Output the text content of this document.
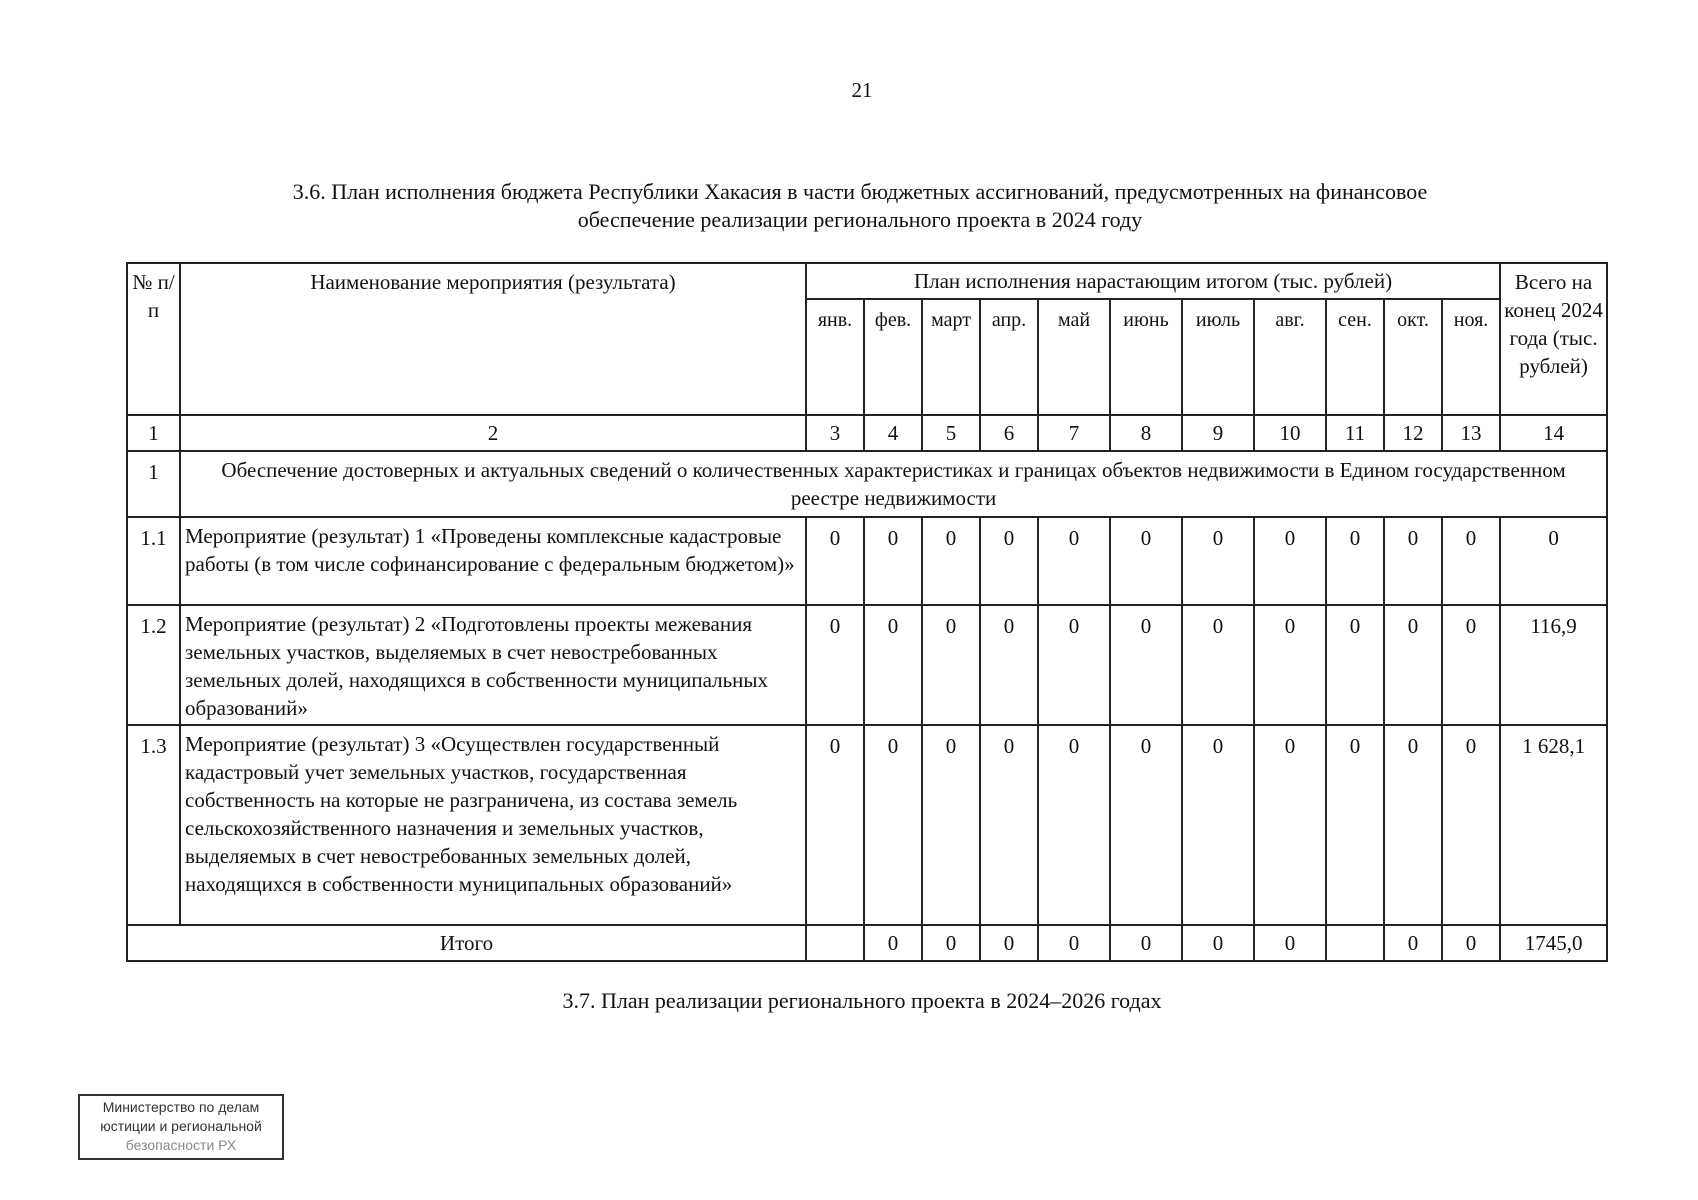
21
3.6. План исполнения бюджета Республики Хакасия в части бюджетных ассигнований, предусмотренных на финансовое
обеспечение реализации регионального проекта в 2024 году
№ п/п	Наименование мероприятия (результата)	План исполнения нарастающим итогом (тыс. рублей)											Всего на конец 2024 года (тыс. рублей)
		янв.	фев.	март	апр.	май	июнь	июль	авг.	сен.	окт.	ноя.	
1	2	3	4	5	6	7	8	9	10	11	12	13	14
1	Обеспечение достоверных и актуальных сведений о количественных характеристиках и границах объектов недвижимости в Едином государственном реестре недвижимости												
1.1	Мероприятие (результат) 1 «Проведены комплексные кадастровые работы (в том числе софинансирование с федеральным бюджетом)»	0	0	0	0	0	0	0	0	0	0	0	0
1.2	Мероприятие (результат) 2 «Подготовлены проекты межевания земельных участков, выделяемых в счет невостребованных земельных долей, находящихся в собственности муниципальных образований»	0	0	0	0	0	0	0	0	0	0	0	116,9
1.3	Мероприятие (результат) 3 «Осуществлен государственный кадастровый учет земельных участков, государственная собственность на которые не разграничена, из состава земель сельскохозяйственного назначения и земельных участков, выделяемых в счет невостребованных земельных долей, находящихся в собственности муниципальных образований»	0	0	0	0	0	0	0	0	0	0	0	1 628,1
Итого			0	0	0	0	0	0	0		0	0	1745,0
3.7. План реализации регионального проекта в 2024–2026 годах
Министерство по делам
юстиции и региональной
безопасности РХ
